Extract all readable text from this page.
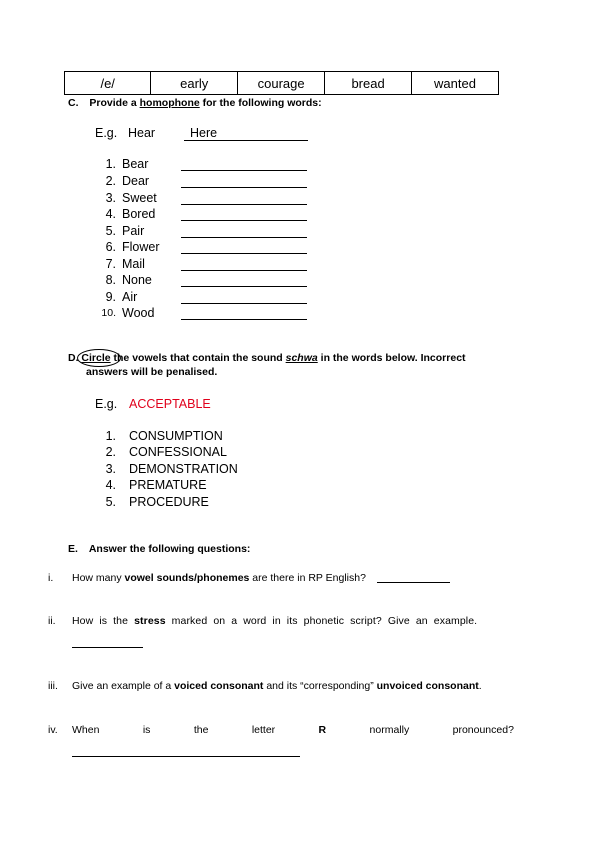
/e/	early	courage	bread	wanted
C. Provide a homophone for the following words:
E.g. Hear	Here
1. Bear
2. Dear
3. Sweet
4. Bored
5. Pair
6. Flower
7. Mail
8. None
9. Air
10. Wood
D. Circle the vowels that contain the sound schwa in the words below. Incorrect
answers will be penalised.
E.g. ACCEPTABLE
1. CONSUMPTION
2. CONFESSIONAL
3. DEMONSTRATION
4. PREMATURE
5. PROCEDURE
E. Answer the following questions:
i. How many vowel sounds/phonemes are there in RP English?
ii. How  is  the  stress  marked  on  a  word  in  its  phonetic  script?  Give  an  example.
iii. Give an example of a voiced consonant and its “corresponding” unvoiced consonant.
iv. When	is	the	letter	R	normally	pronounced?
